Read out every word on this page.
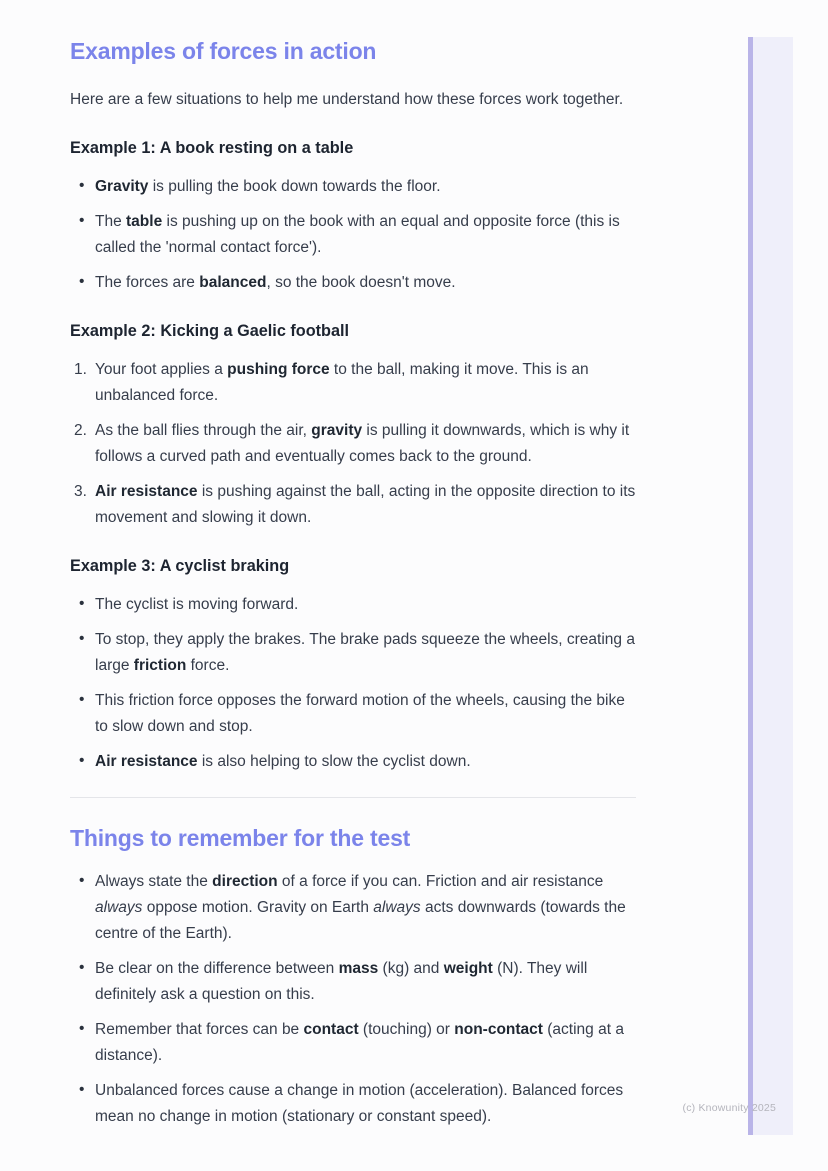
Examples of forces in action

Here are a few situations to help me understand how these forces work together.

Example 1: A book resting on a table
• Gravity is pulling the book down towards the floor.
• The table is pushing up on the book with an equal and opposite force (this is called the 'normal contact force').
• The forces are balanced, so the book doesn't move.
Example 2: Kicking a Gaelic football
Your foot applies a pushing force to the ball, making it move. This is an unbalanced force.
As the ball flies through the air, gravity is pulling it downwards, which is why it follows a curved path and eventually comes back to the ground.
Air resistance is pushing against the ball, acting in the opposite direction to its movement and slowing it down.
Example 3: A cyclist braking
• The cyclist is moving forward.
• To stop, they apply the brakes. The brake pads squeeze the wheels, creating a large friction force.
• This friction force opposes the forward motion of the wheels, causing the bike to slow down and stop.
• Air resistance is also helping to slow the cyclist down.
Things to remember for the test
• Always state the direction of a force if you can. Friction and air resistance always oppose motion. Gravity on Earth always acts downwards (towards the centre of the Earth).
• Be clear on the difference between mass (kg) and weight (N). They will definitely ask a question on this.
• Remember that forces can be contact (touching) or non-contact (acting at a distance).
• Unbalanced forces cause a change in motion (acceleration). Balanced forces mean no change in motion (stationary or constant speed).
(c) Knowunity 2025
